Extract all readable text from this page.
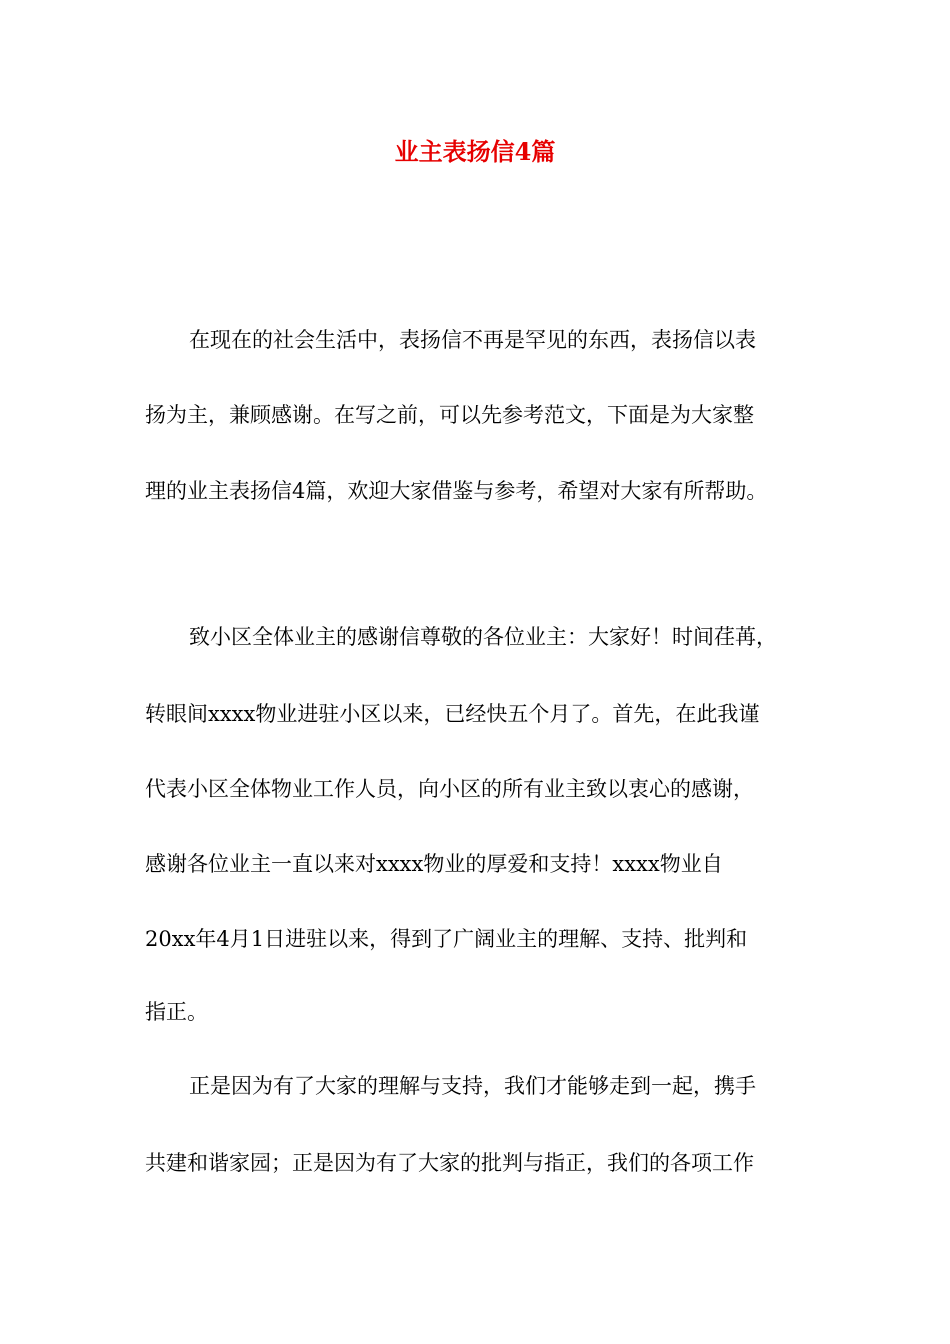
业主表扬信4篇
在现在的社会生活中，表扬信不再是罕见的东西，表扬信以表
扬为主，兼顾感谢。在写之前，可以先参考范文，下面是为大家整
理的业主表扬信4篇，欢迎大家借鉴与参考，希望对大家有所帮助。
致小区全体业主的感谢信尊敬的各位业主：大家好！时间荏苒，
转眼间xxxx物业进驻小区以来，已经快五个月了。首先，在此我谨
代表小区全体物业工作人员，向小区的所有业主致以衷心的感谢，
感谢各位业主一直以来对xxxx物业的厚爱和支持！xxxx物业自
20xx年4月1日进驻以来，得到了广阔业主的理解、支持、批判和
指正。
正是因为有了大家的理解与支持，我们才能够走到一起，携手
共建和谐家园；正是因为有了大家的批判与指正，我们的各项工作
